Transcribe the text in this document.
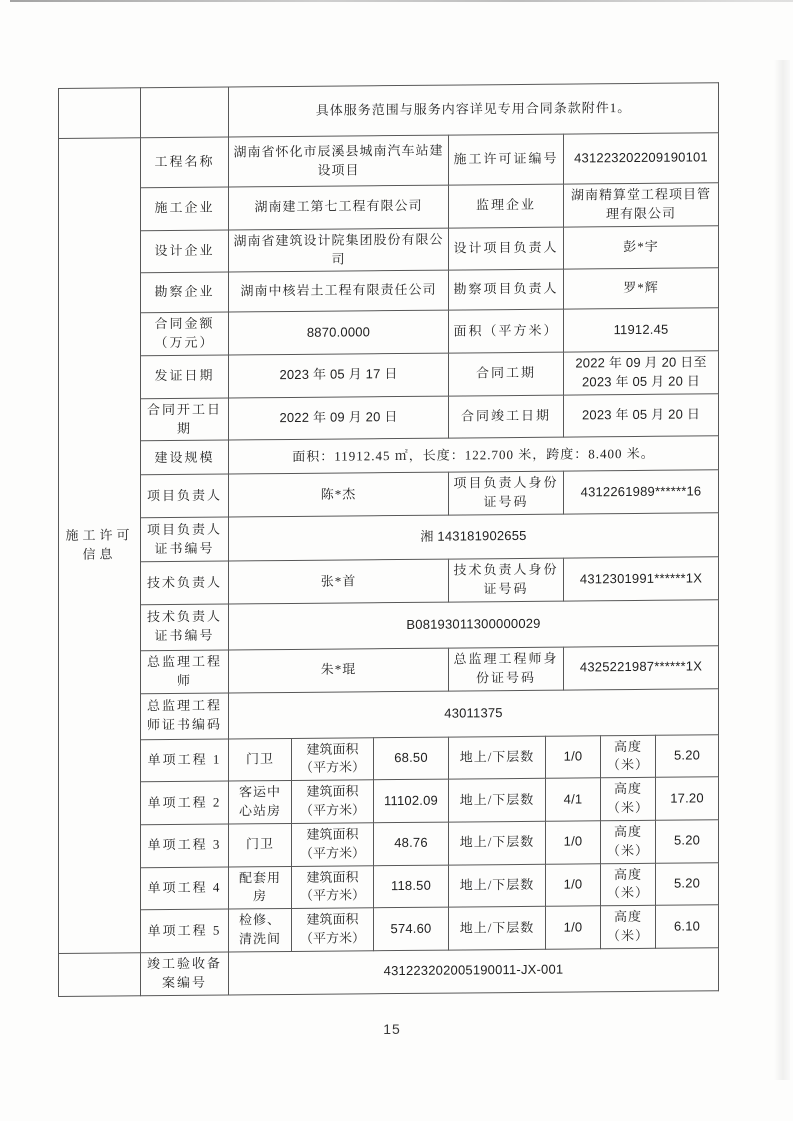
		具体服务范围与服务内容详见专用合同条款附件1。							
施工许可信息	工程名称	湖南省怀化市辰溪县城南汽车站建设项目			施工许可证编号		431223202209190101		
	施工企业	湖南建工第七工程有限公司			监理企业		湖南精算堂工程项目管理有限公司		
	设计企业	湖南省建筑设计院集团股份有限公司			设计项目负责人		彭*宇		
	勘察企业	湖南中核岩土工程有限责任公司			勘察项目负责人		罗*辉		
	合同金额（万元）	8870.0000			面积（平方米）		11912.45		
	发证日期	2023 年 05 月 17 日			合同工期		2022 年 09 月 20 日至 2023 年 05 月 20 日		
	合同开工日期	2022 年 09 月 20 日			合同竣工日期		2023 年 05 月 20 日		
	建设规模	面积：11912.45 ㎡，长度：122.700 米，跨度：8.400 米。							
	项目负责人	陈*杰			项目负责人身份证号码		4312261989******16		
	项目负责人证书编号	湘 143181902655							
	技术负责人	张*首			技术负责人身份证号码		4312301991******1X		
	技术负责人证书编号	B08193011300000029							
	总监理工程师	朱*琨			总监理工程师身份证号码		4325221987******1X		
	总监理工程师证书编码	43011375							
	单项工程 1	门卫	建筑面积（平方米）	68.50	地上/下层数	1/0		高度（米）	5.20
	单项工程 2	客运中心站房	建筑面积（平方米）	11102.09	地上/下层数	4/1		高度（米）	17.20
	单项工程 3	门卫	建筑面积（平方米）	48.76	地上/下层数	1/0		高度（米）	5.20
	单项工程 4	配套用房	建筑面积（平方米）	118.50	地上/下层数	1/0		高度（米）	5.20
	单项工程 5	检修、清洗间	建筑面积（平方米）	574.60	地上/下层数	1/0		高度（米）	6.10
	竣工验收备案编号	431223202005190011-JX-001							
15
